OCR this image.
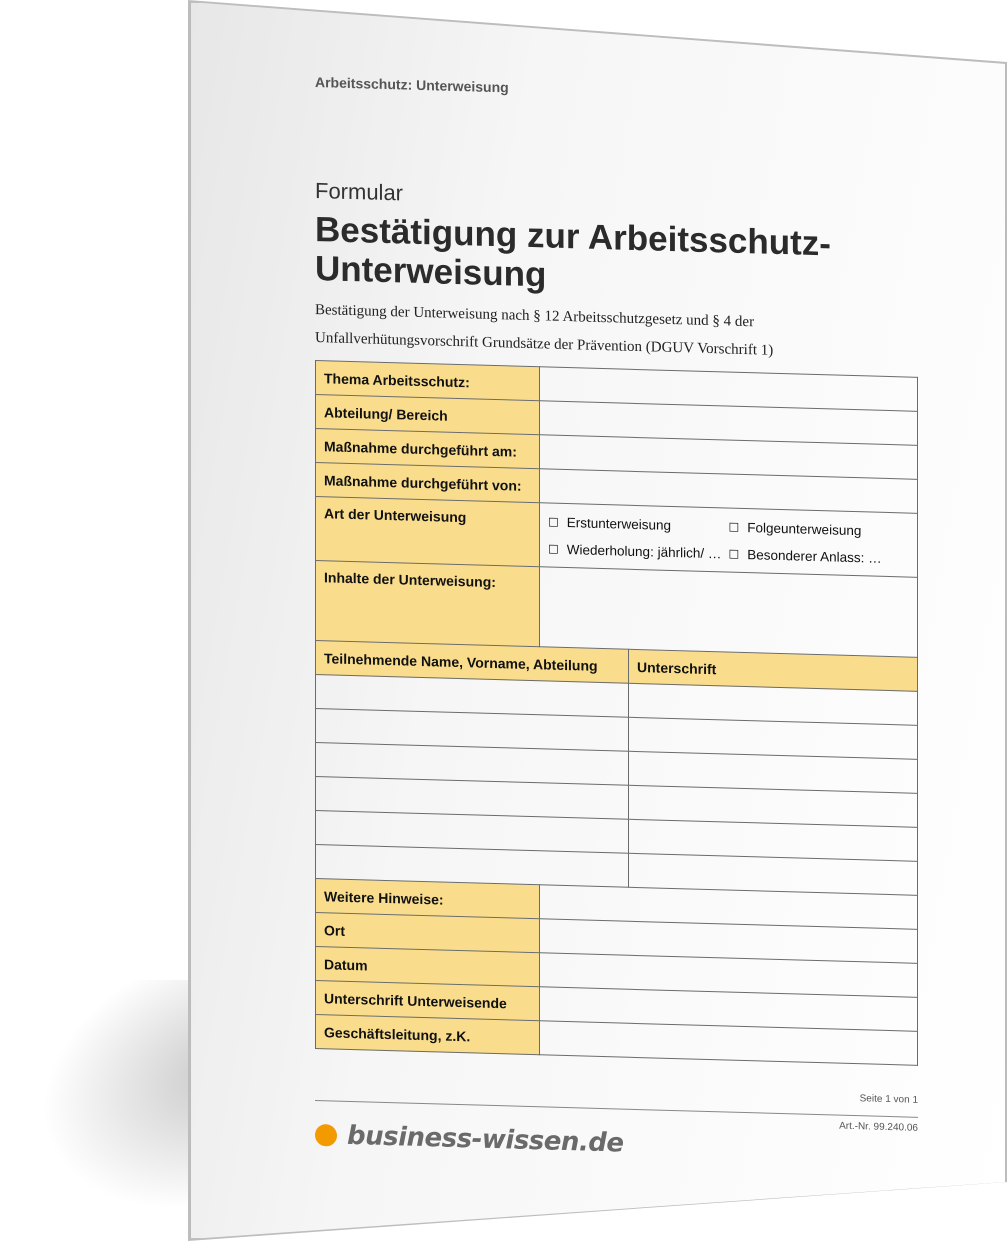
Arbeitsschutz: Unterweisung
Formular
Bestätigung zur Arbeitsschutz-Unterweisung
Bestätigung der Unterweisung nach § 12 Arbeitsschutzgesetz und § 4 der
Unfallverhütungsvorschrift Grundsätze der Prävention (DGUV Vorschrift 1)
Thema Arbeitsschutz:		
Abteilung/ Bereich		
Maßnahme durchgeführt am:		
Maßnahme durchgeführt von:		
Art der Unterweisung	☐ Erstunterweisung ☐ Folgeunterweisung
☐ Wiederholung: jährlich/ … ☐ Besonderer Anlass: …	

Inhalte der Unterweisung:		
Teilnehmende Name, Vorname, Abteilung		Unterschrift

Weitere Hinweise:		
Ort		
Datum		
Unterschrift Unterweisende		
Geschäftsleitung, z.K.		
Seite 1 von 1
Art.-Nr. 99.240.06
business-wissen.de
